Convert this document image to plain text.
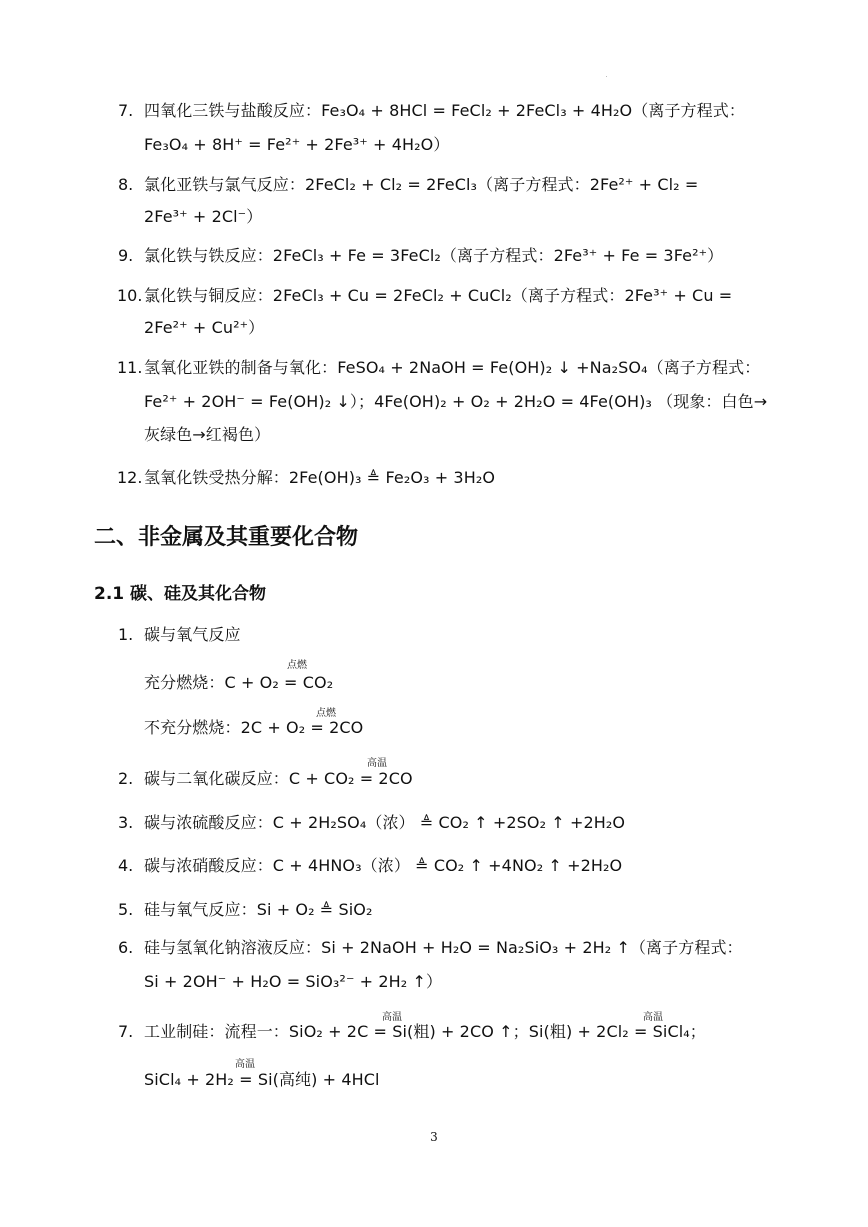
7. 四氧化三铁与盐酸反应：Fe₃O₄ + 8HCl = FeCl₂ + 2FeCl₃ + 4H₂O（离子方程式：
Fe₃O₄ + 8H⁺ = Fe²⁺ + 2Fe³⁺ + 4H₂O）
8. 氯化亚铁与氯气反应：2FeCl₂ + Cl₂ = 2FeCl₃（离子方程式：2Fe²⁺ + Cl₂ =
2Fe³⁺ + 2Cl⁻）
9. 氯化铁与铁反应：2FeCl₃ + Fe = 3FeCl₂（离子方程式：2Fe³⁺ + Fe = 3Fe²⁺）
10. 氯化铁与铜反应：2FeCl₃ + Cu = 2FeCl₂ + CuCl₂（离子方程式：2Fe³⁺ + Cu =
2Fe²⁺ + Cu²⁺）
11. 氢氧化亚铁的制备与氧化：FeSO₄ + 2NaOH = Fe(OH)₂ ↓ +Na₂SO₄（离子方程式：
Fe²⁺ + 2OH⁻ = Fe(OH)₂ ↓）；4Fe(OH)₂ + O₂ + 2H₂O = 4Fe(OH)₃ （现象：白色→
灰绿色→红褐色）
12. 氢氧化铁受热分解：2Fe(OH)₃ ≜ Fe₂O₃ + 3H₂O
二、非金属及其重要化合物
2.1 碳、硅及其化合物
1. 碳与氧气反应
点燃
充分燃烧：C + O₂ = CO₂
点燃
不充分燃烧：2C + O₂ = 2CO
高温
2. 碳与二氧化碳反应：C + CO₂ = 2CO
3. 碳与浓硫酸反应：C + 2H₂SO₄（浓） ≜ CO₂ ↑ +2SO₂ ↑ +2H₂O
4. 碳与浓硝酸反应：C + 4HNO₃（浓） ≜ CO₂ ↑ +4NO₂ ↑ +2H₂O
5. 硅与氧气反应：Si + O₂ ≜ SiO₂
6. 硅与氢氧化钠溶液反应：Si + 2NaOH + H₂O = Na₂SiO₃ + 2H₂ ↑（离子方程式：
Si + 2OH⁻ + H₂O = SiO₃²⁻ + 2H₂ ↑）
高温	高温
7. 工业制硅：流程一：SiO₂ + 2C = Si(粗) + 2CO ↑；Si(粗) + 2Cl₂ = SiCl₄；
高温
SiCl₄ + 2H₂ = Si(高纯) + 4HCl
3
